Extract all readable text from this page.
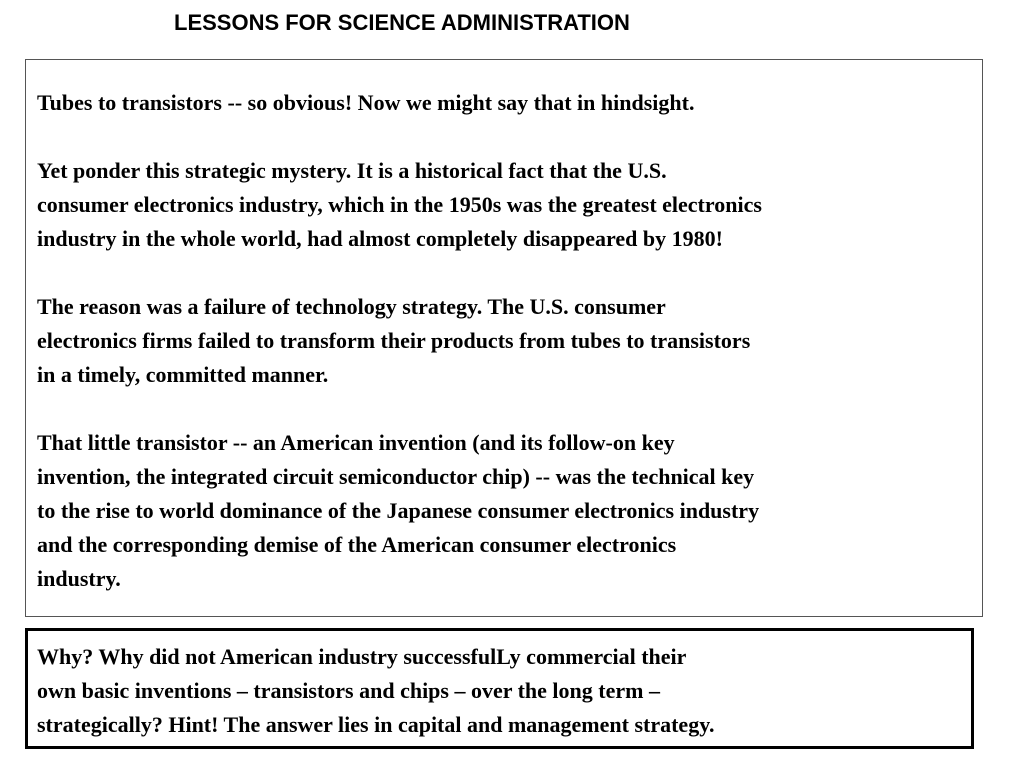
LESSONS FOR SCIENCE ADMINISTRATION

Tubes to transistors -- so obvious! Now we might say that in hindsight.

Yet ponder this strategic mystery. It is a historical fact that the U.S.
consumer electronics industry, which in the 1950s was the greatest electronics
industry in the whole world, had almost completely disappeared by 1980!

The reason was a failure of technology strategy. The U.S. consumer
electronics firms failed to transform their products from tubes to transistors
in a timely, committed manner.

That little transistor -- an American invention (and its follow-on key
invention, the integrated circuit semiconductor chip) -- was the technical key
to the rise to world dominance of the Japanese consumer electronics industry
and the corresponding demise of the American consumer electronics
industry.

Why? Why did not American industry successfulLy commercial their
own basic inventions – transistors and chips – over the long term –
strategically? Hint! The answer lies in capital and management strategy.
